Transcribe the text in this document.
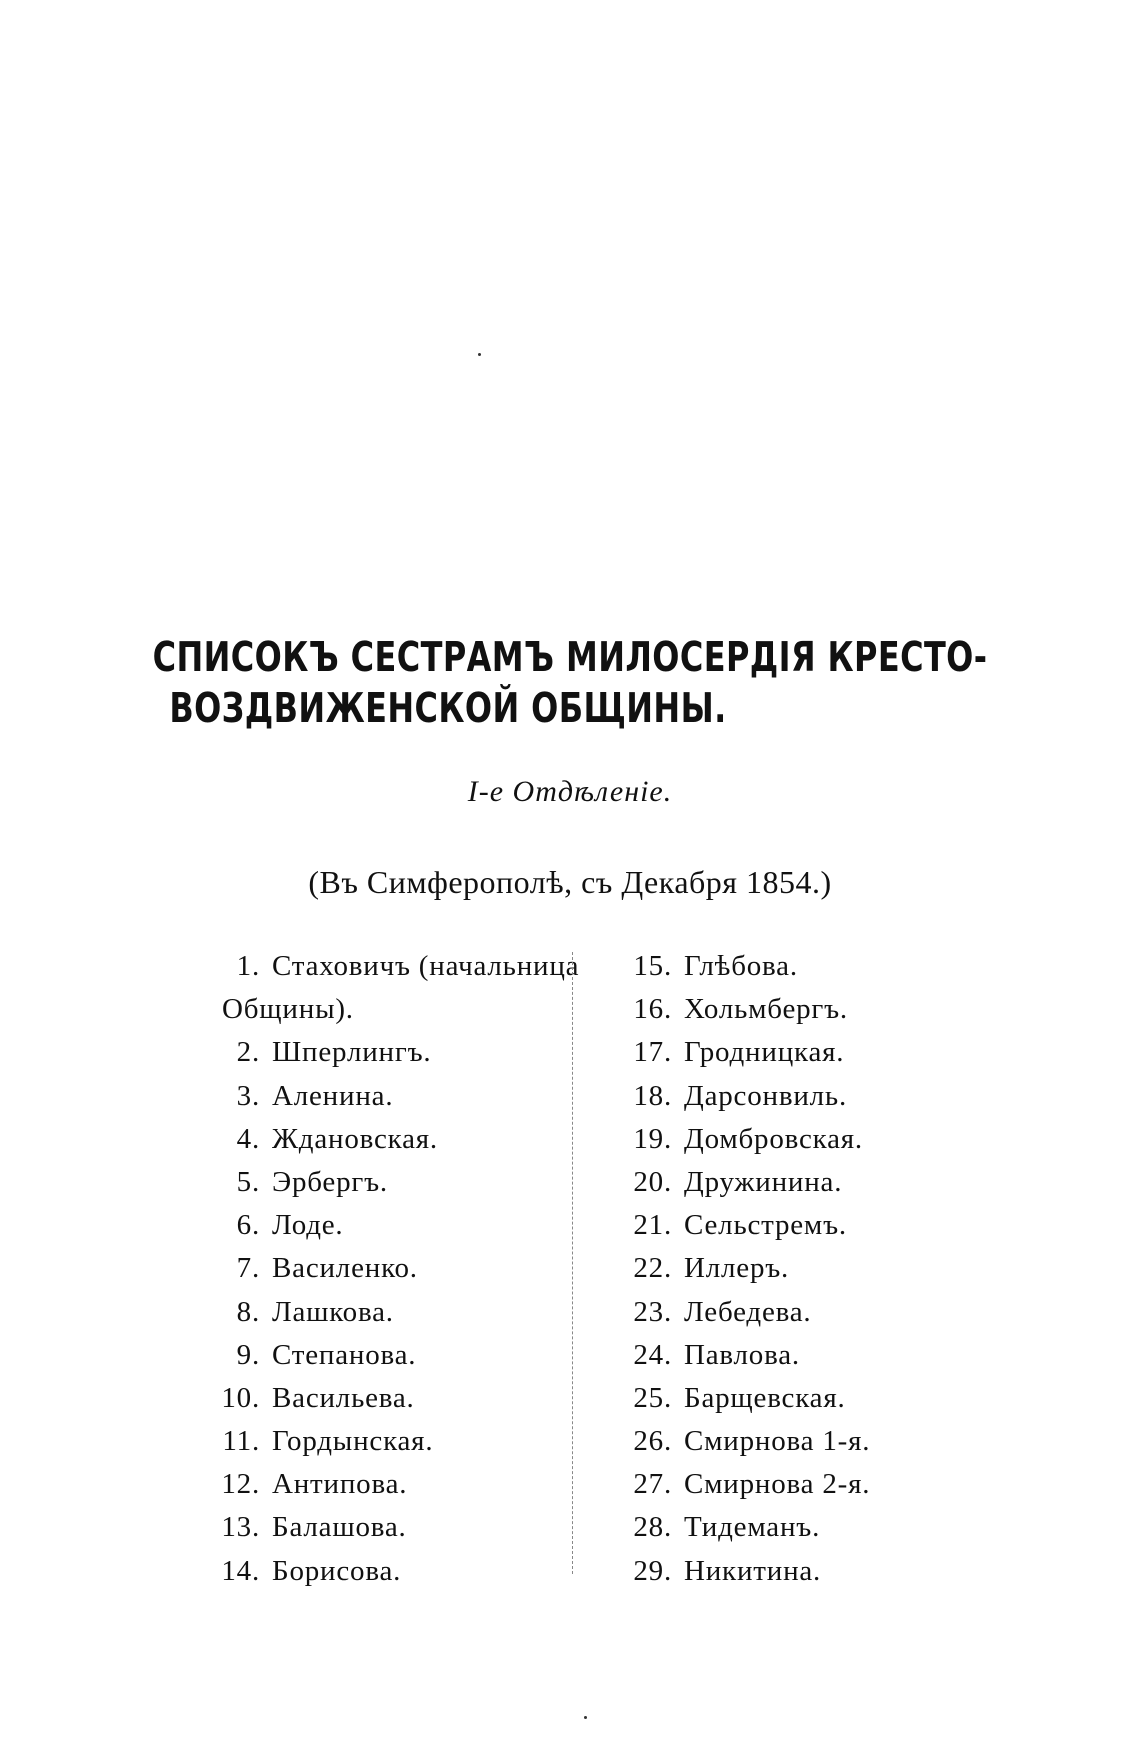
СПИСОКЪ СЕСТРАМЪ МИЛОСЕРДІЯ КРЕСТО-
ВОЗДВИЖЕНСКОЙ ОБЩИНЫ.
I-е Отдѣленіе.
(Въ Симферополѣ, съ Декабря 1854.)
1. Стаховичъ (начальница
Общины).
2. Шперлингъ.
3. Аленина.
4. Ждановская.
5. Эрбергъ.
6. Лоде.
7. Василенко.
8. Лашкова.
9. Степанова.
10. Васильева.
11. Гордынская.
12. Антипова.
13. Балашова.
14. Борисова.
15. Глѣбова.
16. Хольмбергъ.
17. Гродницкая.
18. Дарсонвиль.
19. Домбровская.
20. Дружинина.
21. Сельстремъ.
22. Иллеръ.
23. Лебедева.
24. Павлова.
25. Барщевская.
26. Смирнова 1-я.
27. Смирнова 2-я.
28. Тидеманъ.
29. Никитина.
